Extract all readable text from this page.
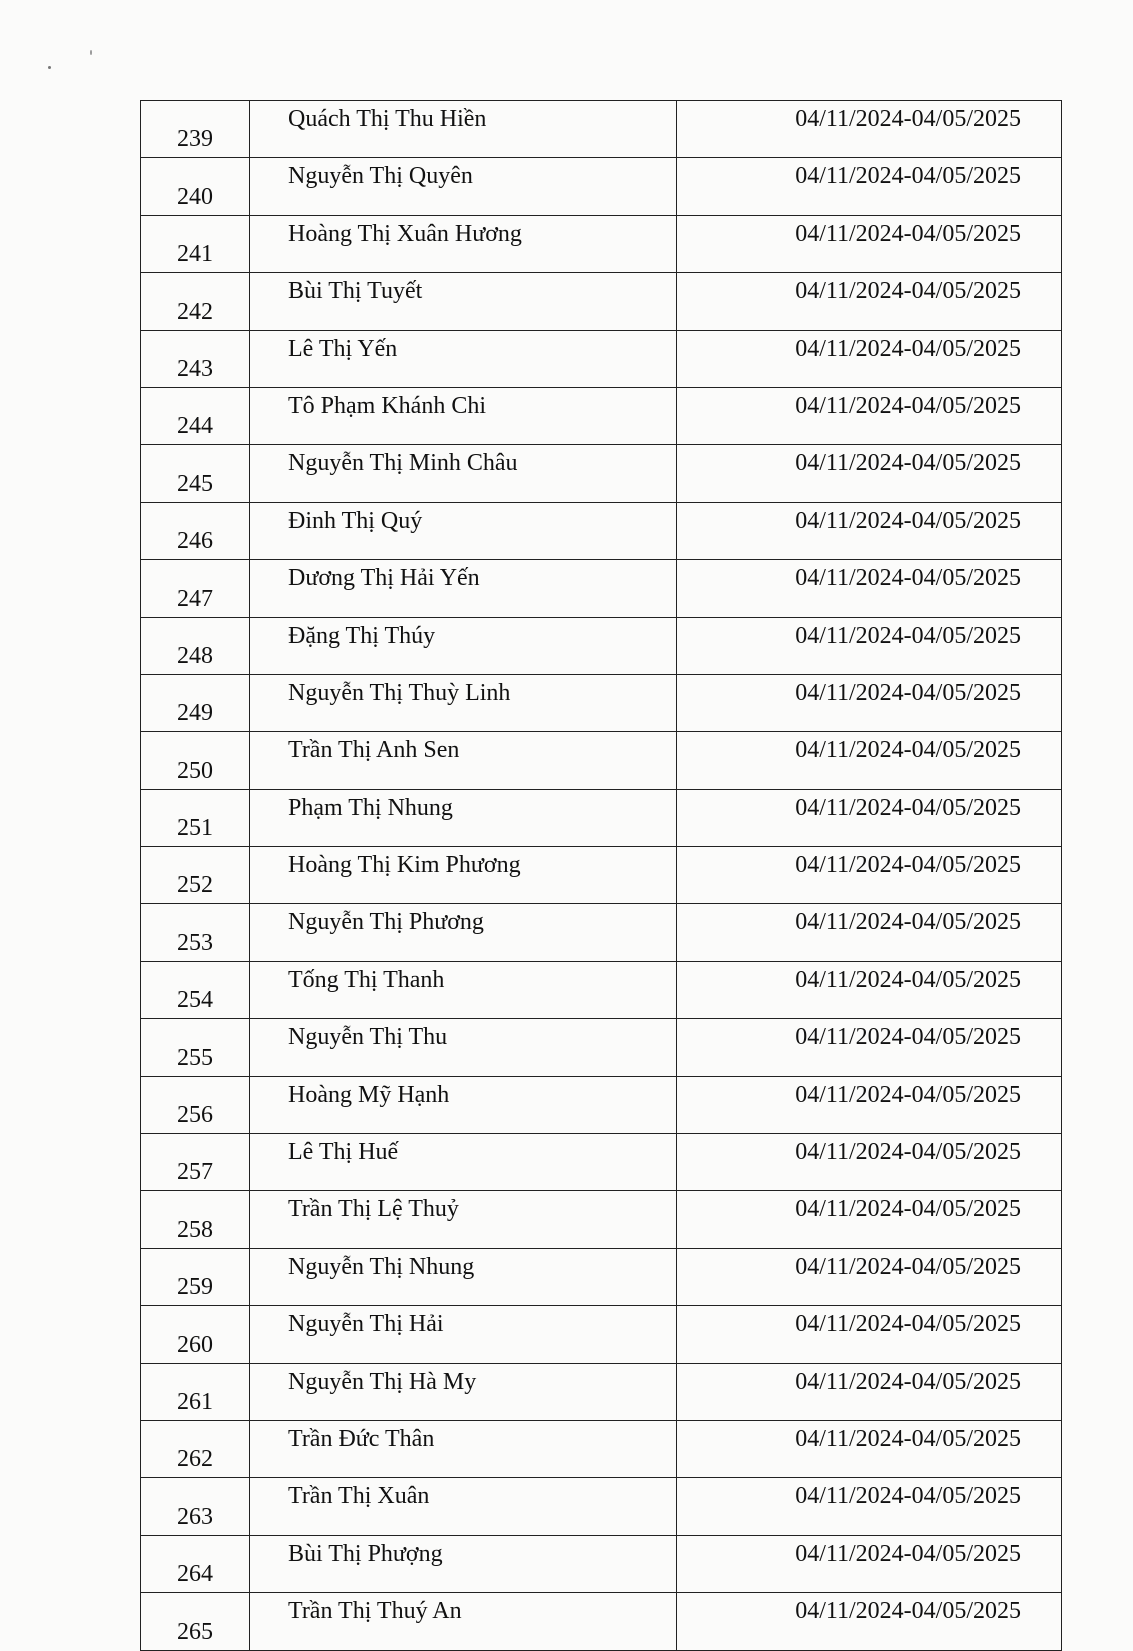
239	Quách Thị Thu Hiền	04/11/2024-04/05/2025
240	Nguyễn Thị Quyên	04/11/2024-04/05/2025
241	Hoàng Thị Xuân Hương	04/11/2024-04/05/2025
242	Bùi Thị Tuyết	04/11/2024-04/05/2025
243	Lê Thị Yến	04/11/2024-04/05/2025
244	Tô Phạm Khánh Chi	04/11/2024-04/05/2025
245	Nguyễn Thị Minh Châu	04/11/2024-04/05/2025
246	Đinh Thị Quý	04/11/2024-04/05/2025
247	Dương Thị Hải Yến	04/11/2024-04/05/2025
248	Đặng Thị Thúy	04/11/2024-04/05/2025
249	Nguyễn Thị Thuỳ Linh	04/11/2024-04/05/2025
250	Trần Thị Anh Sen	04/11/2024-04/05/2025
251	Phạm Thị Nhung	04/11/2024-04/05/2025
252	Hoàng Thị Kim Phương	04/11/2024-04/05/2025
253	Nguyễn Thị Phương	04/11/2024-04/05/2025
254	Tống Thị Thanh	04/11/2024-04/05/2025
255	Nguyễn Thị Thu	04/11/2024-04/05/2025
256	Hoàng Mỹ Hạnh	04/11/2024-04/05/2025
257	Lê Thị Huế	04/11/2024-04/05/2025
258	Trần Thị Lệ Thuỷ	04/11/2024-04/05/2025
259	Nguyễn Thị Nhung	04/11/2024-04/05/2025
260	Nguyễn Thị Hải	04/11/2024-04/05/2025
261	Nguyễn Thị Hà My	04/11/2024-04/05/2025
262	Trần Đức Thân	04/11/2024-04/05/2025
263	Trần Thị Xuân	04/11/2024-04/05/2025
264	Bùi Thị Phượng	04/11/2024-04/05/2025
265	Trần Thị Thuý An	04/11/2024-04/05/2025
